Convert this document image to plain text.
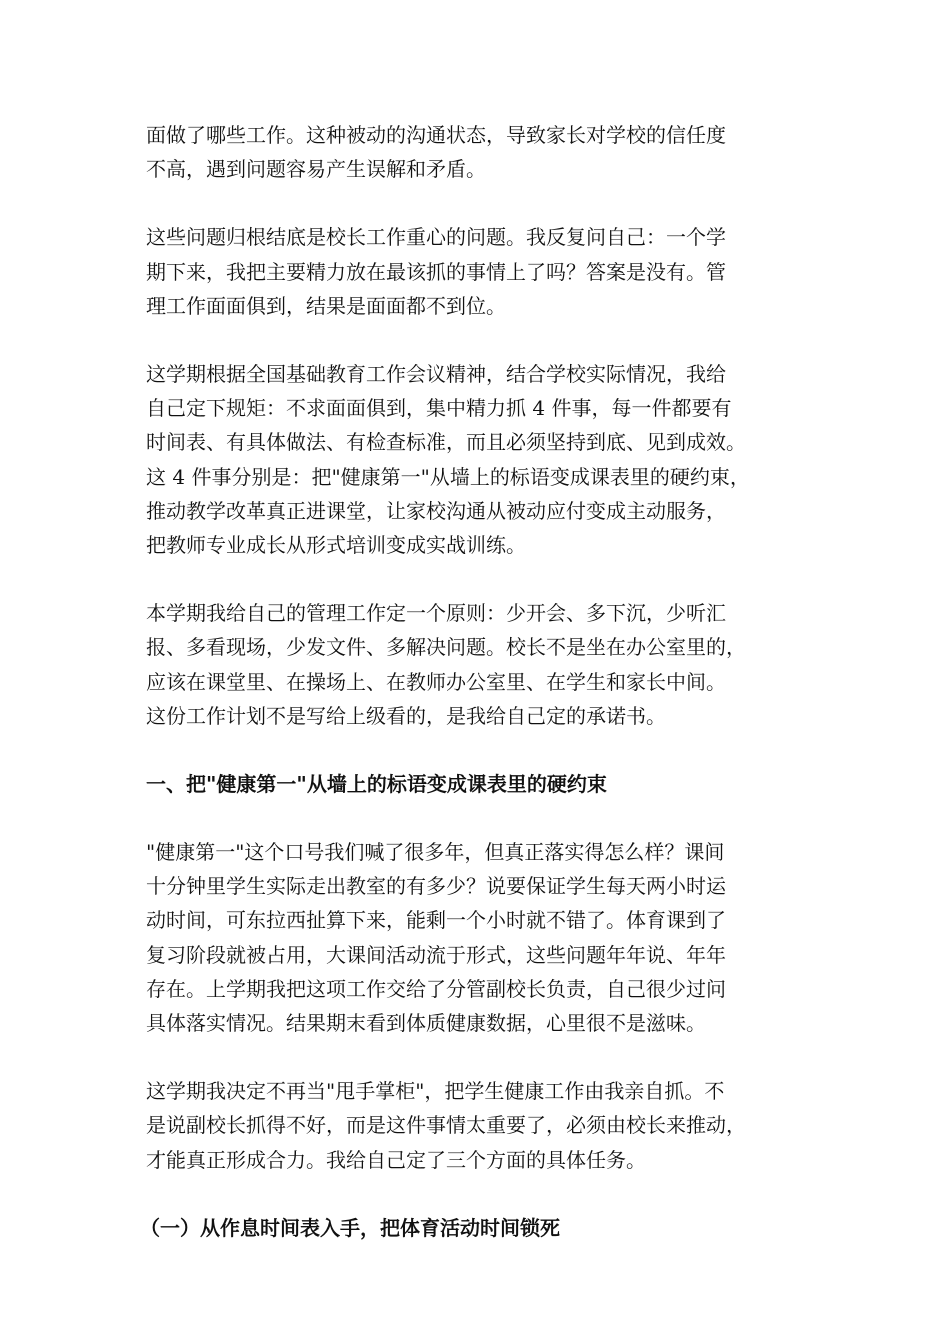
面做了哪些工作。这种被动的沟通状态，导致家长对学校的信任度
不高，遇到问题容易产生误解和矛盾。

这些问题归根结底是校长工作重心的问题。我反复问自己：一个学
期下来，我把主要精力放在最该抓的事情上了吗？答案是没有。管
理工作面面俱到，结果是面面都不到位。

这学期根据全国基础教育工作会议精神，结合学校实际情况，我给
自己定下规矩：不求面面俱到，集中精力抓 4 件事，每一件都要有
时间表、有具体做法、有检查标准，而且必须坚持到底、见到成效。
这 4 件事分别是：把"健康第一"从墙上的标语变成课表里的硬约束，
推动教学改革真正进课堂，让家校沟通从被动应付变成主动服务，
把教师专业成长从形式培训变成实战训练。

本学期我给自己的管理工作定一个原则：少开会、多下沉，少听汇
报、多看现场，少发文件、多解决问题。校长不是坐在办公室里的，
应该在课堂里、在操场上、在教师办公室里、在学生和家长中间。
这份工作计划不是写给上级看的，是我给自己定的承诺书。

一、把"健康第一"从墙上的标语变成课表里的硬约束

"健康第一"这个口号我们喊了很多年，但真正落实得怎么样？课间
十分钟里学生实际走出教室的有多少？说要保证学生每天两小时运
动时间，可东拉西扯算下来，能剩一个小时就不错了。体育课到了
复习阶段就被占用，大课间活动流于形式，这些问题年年说、年年
存在。上学期我把这项工作交给了分管副校长负责，自己很少过问
具体落实情况。结果期末看到体质健康数据，心里很不是滋味。

这学期我决定不再当"甩手掌柜"，把学生健康工作由我亲自抓。不
是说副校长抓得不好，而是这件事情太重要了，必须由校长来推动，
才能真正形成合力。我给自己定了三个方面的具体任务。

（一）从作息时间表入手，把体育活动时间锁死
